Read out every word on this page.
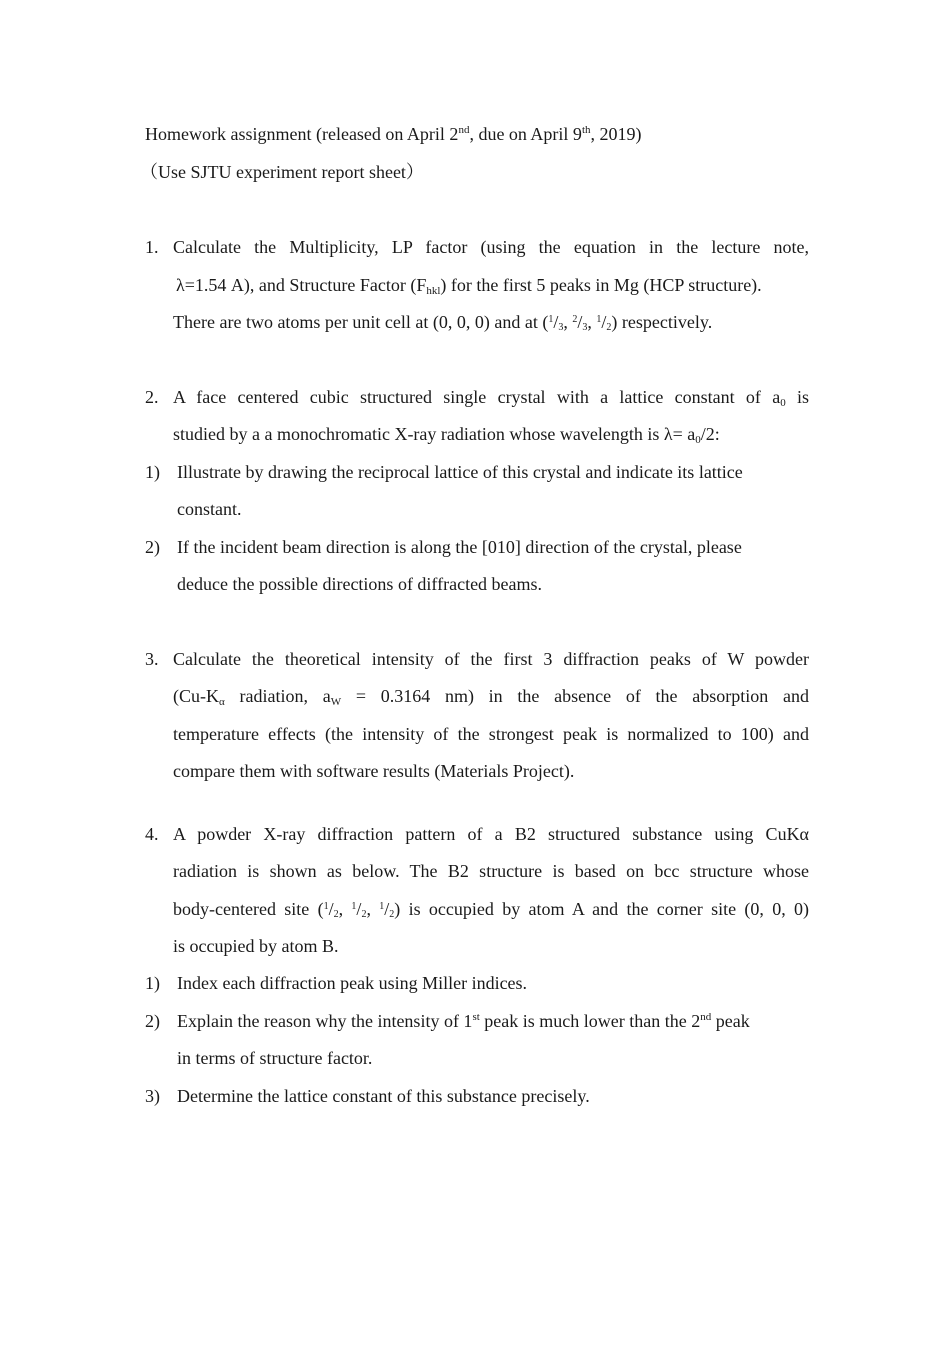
Homework assignment (released on April 2nd, due on April 9th, 2019)
（Use SJTU experiment report sheet）
1. Calculate the Multiplicity, LP factor (using the equation in the lecture note,
λ=1.54 A), and Structure Factor $(F_{hkl})$ for the first 5 peaks in Mg (HCP structure).
There are two atoms per unit cell at (0, 0, 0) and at ($^1/_3$, $^2/_3$, $^1/_2$) respectively.
2. A face centered cubic structured single crystal with a lattice constant of $a_0$ is
studied by a a monochromatic X-ray radiation whose wavelength is $\lambda= a_0/2$:
1) Illustrate by drawing the reciprocal lattice of this crystal and indicate its lattice
constant.
2) If the incident beam direction is along the [010] direction of the crystal, please
deduce the possible directions of diffracted beams.
3. Calculate the theoretical intensity of the first 3 diffraction peaks of W powder
($Cu-K_\alpha$ radiation, $a_W = 0.3164$ nm) in the absence of the absorption and
temperature effects (the intensity of the strongest peak is normalized to 100) and
compare them with software results (Materials Project).
4. A powder X-ray diffraction pattern of a B2 structured substance using CuKα
radiation is shown as below. The B2 structure is based on bcc structure whose
body-centered site ($^1/_2$, $^1/_2$, $^1/_2$) is occupied by atom A and the corner site (0, 0, 0)
is occupied by atom B.
1) Index each diffraction peak using Miller indices.
2) Explain the reason why the intensity of 1st peak is much lower than the 2nd peak
in terms of structure factor.
3) Determine the lattice constant of this substance precisely.
